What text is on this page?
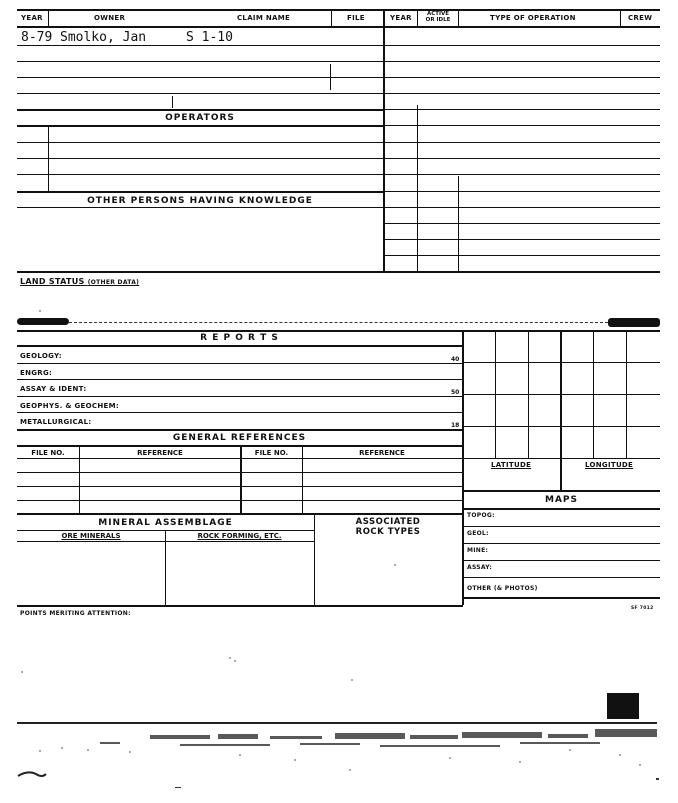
YEAR	OWNER	CLAIM NAME	FILE	YEAR	ACTIVE
OR IDLE	TYPE OF OPERATION	CREW
8-79 Smolko, Jan	S 1-10
OPERATORS
OTHER PERSONS HAVING KNOWLEDGE
LAND STATUS (OTHER DATA)
R E P O R T S
GEOLOGY:	40
ENGRG:
ASSAY & IDENT:	50
GEOPHYS. & GEOCHEM:
METALLURGICAL:	18
GENERAL REFERENCES
FILE NO.	REFERENCE	FILE NO.	REFERENCE
MINERAL ASSEMBLAGE
ORE MINERALS	ROCK FORMING, ETC.
ASSOCIATED
ROCK TYPES
LATITUDE	LONGITUDE
MAPS
TOPOG:
GEOL:
MINE:
ASSAY:
OTHER (& PHOTOS)
POINTS MERITING ATTENTION:
SF 7012
